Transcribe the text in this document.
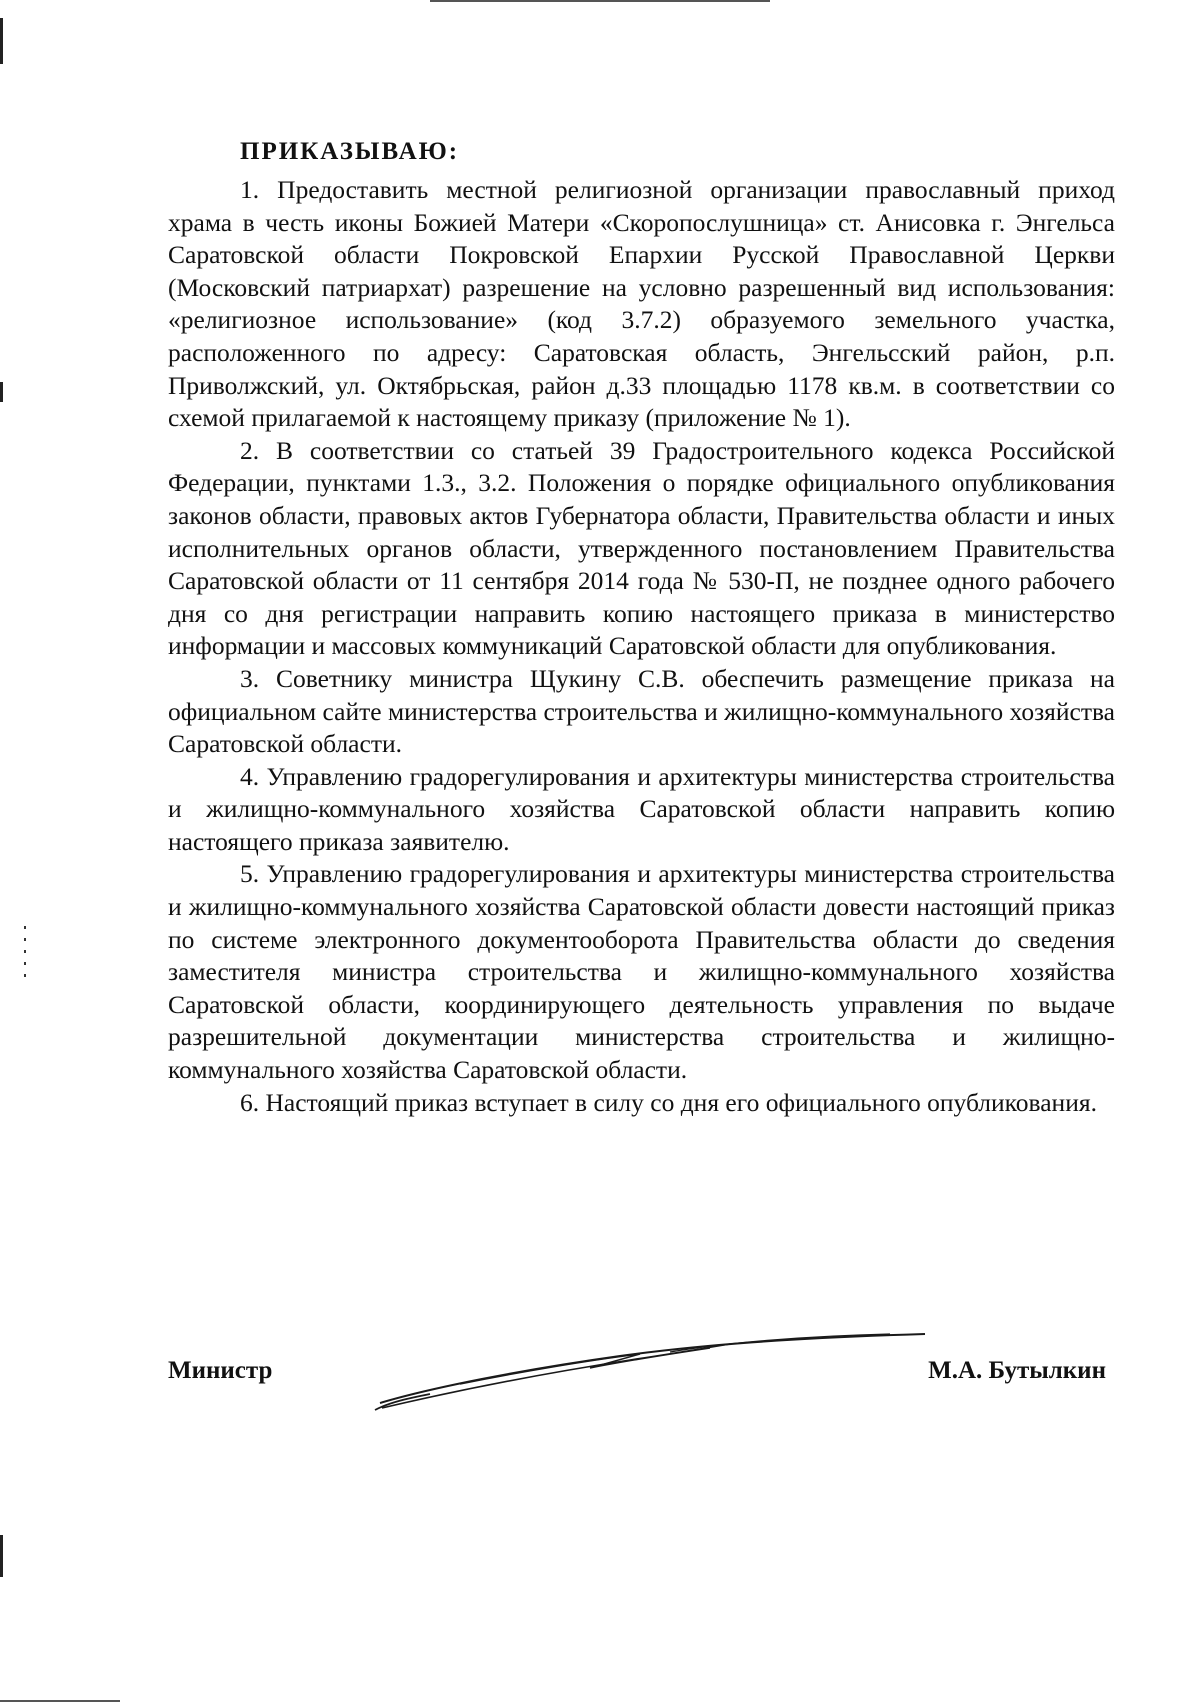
ПРИКАЗЫВАЮ:

1. Предоставить местной религиозной организации православный приход храма в честь иконы Божией Матери «Скоропослушница» ст. Анисовка г. Энгельса Саратовской области Покровской Епархии Русской Православной Церкви (Московский патриархат) разрешение на условно разрешенный вид использования: «религиозное использование» (код 3.7.2) образуемого земельного участка, расположенного по адресу: Саратовская область, Энгельсский район, р.п. Приволжский, ул. Октябрьская, район д.33 площадью 1178 кв.м. в соответствии со схемой прилагаемой к настоящему приказу (приложение № 1).

2. В соответствии со статьей 39 Градостроительного кодекса Российской Федерации, пунктами 1.3., 3.2. Положения о порядке официального опубликования законов области, правовых актов Губернатора области, Правительства области и иных исполнительных органов области, утвержденного постановлением Правительства Саратовской области от 11 сентября 2014 года № 530-П, не позднее одного рабочего дня со дня регистрации направить копию настоящего приказа в министерство информации и массовых коммуникаций Саратовской области для опубликования.

3. Советнику министра Щукину С.В. обеспечить размещение приказа на официальном сайте министерства строительства и жилищно-коммунального хозяйства Саратовской области.

4. Управлению градорегулирования и архитектуры министерства строительства и жилищно-коммунального хозяйства Саратовской области направить копию настоящего приказа заявителю.

5. Управлению градорегулирования и архитектуры министерства строительства и жилищно-коммунального хозяйства Саратовской области довести настоящий приказ по системе электронного документооборота Правительства области до сведения заместителя министра строительства и жилищно-коммунального хозяйства Саратовской области, координирующего деятельность управления по выдаче разрешительной документации министерства строительства и жилищно-коммунального хозяйства Саратовской области.

6. Настоящий приказ вступает в силу со дня его официального опубликования.

Министр	М.А. Бутылкин
